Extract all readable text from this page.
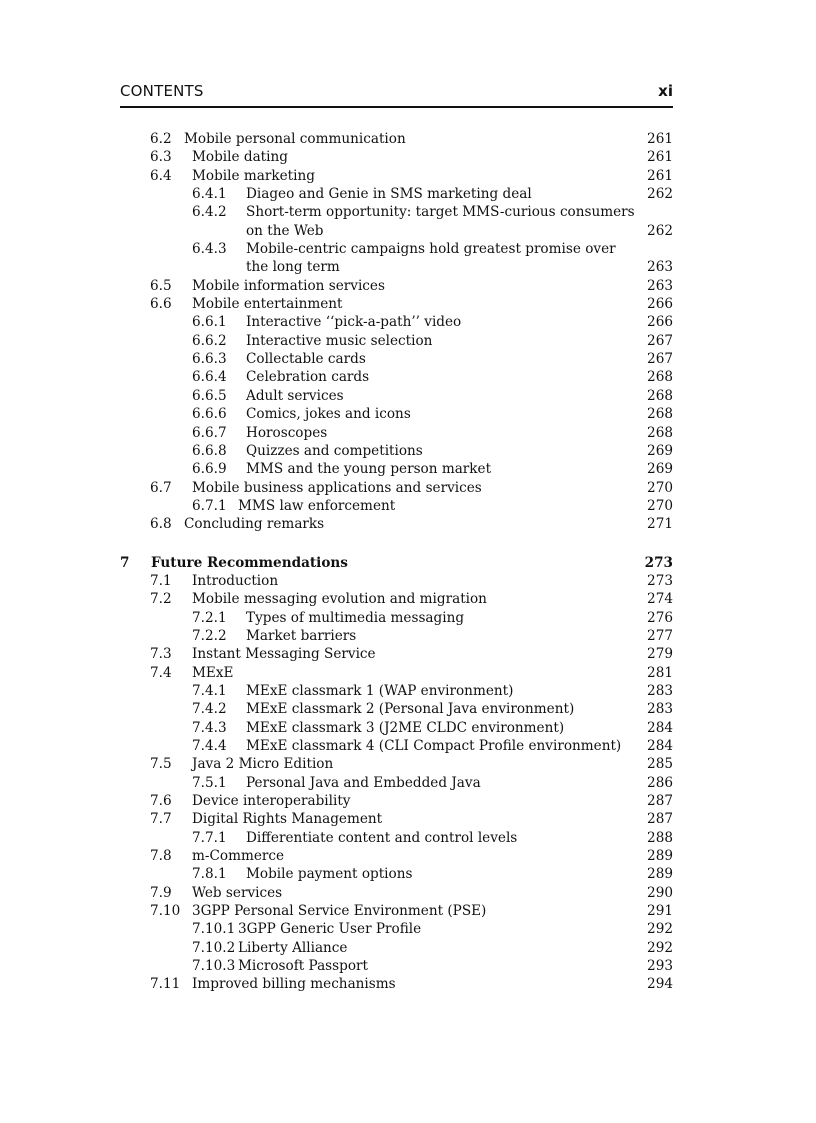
CONTENTS	xi
6.2 Mobile personal communication	261
6.3 Mobile dating	261
6.4 Mobile marketing	261
6.4.1 Diageo and Genie in SMS marketing deal	262
6.4.2 Short-term opportunity: target MMS-curious consumers
on the Web	262
6.4.3 Mobile-centric campaigns hold greatest promise over
the long term	263
6.5 Mobile information services	263
6.6 Mobile entertainment	266
6.6.1 Interactive ‘‘pick-a-path’’ video	266
6.6.2 Interactive music selection	267
6.6.3 Collectable cards	267
6.6.4 Celebration cards	268
6.6.5 Adult services	268
6.6.6 Comics, jokes and icons	268
6.6.7 Horoscopes	268
6.6.8 Quizzes and competitions	269
6.6.9 MMS and the young person market	269
6.7 Mobile business applications and services	270
6.7.1 MMS law enforcement	270
6.8 Concluding remarks	271
7 Future Recommendations	273
7.1 Introduction	273
7.2 Mobile messaging evolution and migration	274
7.2.1 Types of multimedia messaging	276
7.2.2 Market barriers	277
7.3 Instant Messaging Service	279
7.4 MExE	281
7.4.1 MExE classmark 1 (WAP environment)	283
7.4.2 MExE classmark 2 (Personal Java environment)	283
7.4.3 MExE classmark 3 (J2ME CLDC environment)	284
7.4.4 MExE classmark 4 (CLI Compact Profile environment) 284
7.5 Java 2 Micro Edition	285
7.5.1 Personal Java and Embedded Java	286
7.6 Device interoperability	287
7.7 Digital Rights Management	287
7.7.1 Differentiate content and control levels	288
7.8 m-Commerce	289
7.8.1 Mobile payment options	289
7.9 Web services	290
7.10 3GPP Personal Service Environment (PSE)	291
7.10.1 3GPP Generic User Profile	292
7.10.2 Liberty Alliance	292
7.10.3 Microsoft Passport	293
7.11 Improved billing mechanisms	294
